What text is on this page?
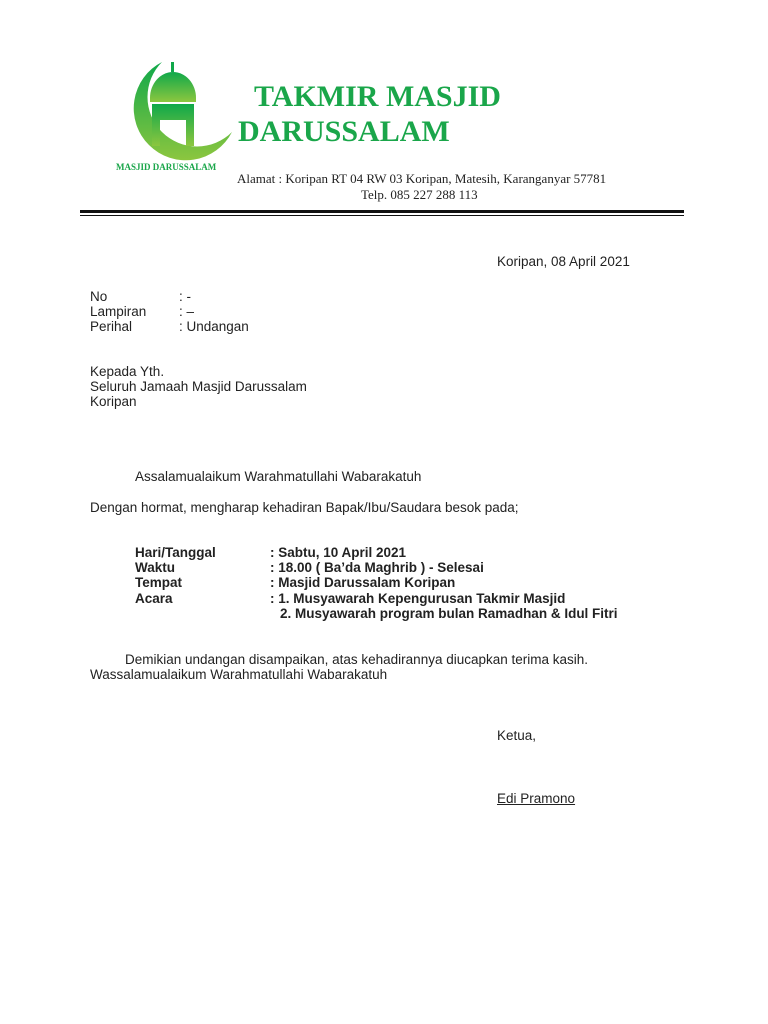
TAKMIR MASJID
DARUSSALAM
MASJID DARUSSALAM
Alamat : Koripan RT 04 RW 03 Koripan, Matesih, Karanganyar 57781
Telp. 085 227 288 113
Koripan, 08 April 2021
No	: -
Lampiran : –
Perihal	: Undangan
Kepada Yth.
Seluruh Jamaah Masjid Darussalam
Koripan
Assalamualaikum Warahmatullahi Wabarakatuh
Dengan hormat, mengharap kehadiran Bapak/Ibu/Saudara besok pada;
Hari/Tanggal	: Sabtu, 10 April 2021
Waktu	: 18.00 ( Ba’da Maghrib ) - Selesai
Tempat	: Masjid Darussalam Koripan
Acara	: 1. Musyawarah Kepengurusan Takmir Masjid
2. Musyawarah program bulan Ramadhan & Idul Fitri
Demikian undangan disampaikan, atas kehadirannya diucapkan terima kasih.
Wassalamualaikum Warahmatullahi Wabarakatuh
Ketua,
Edi Pramono
